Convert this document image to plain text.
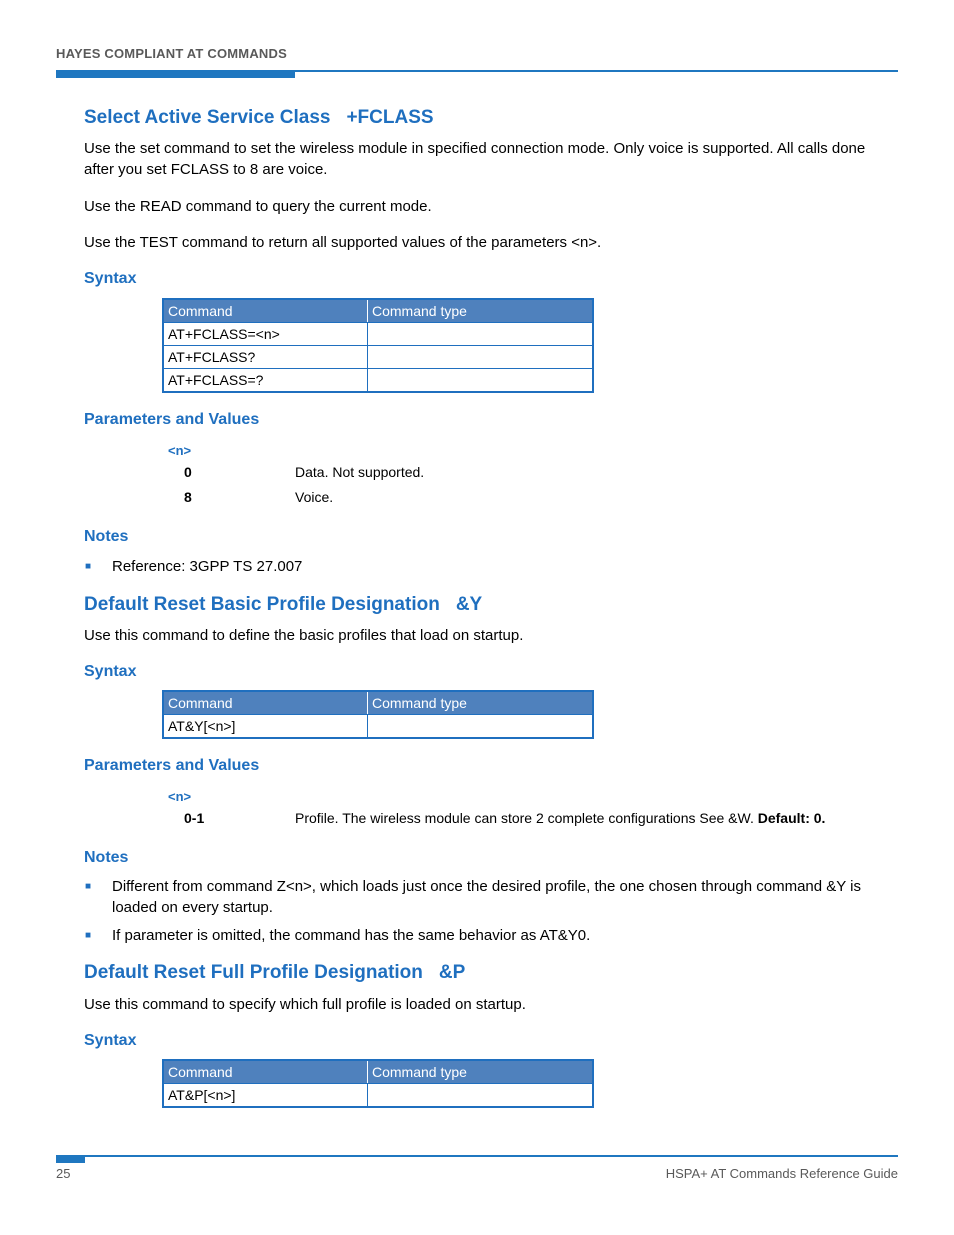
HAYES COMPLIANT AT COMMANDS
Select Active Service Class +FCLASS
Use the set command to set the wireless module in specified connection mode. Only voice is supported. All calls done after you set FCLASS to 8 are voice.
Use the READ command to query the current mode.
Use the TEST command to return all supported values of the parameters <n>.
Syntax
Command	Command type
AT+FCLASS=<n>	
AT+FCLASS?	
AT+FCLASS=?	
Parameters and Values
<n>
0	Data. Not supported.
8	Voice.
Notes
■ Reference: 3GPP TS 27.007
Default Reset Basic Profile Designation &Y
Use this command to define the basic profiles that load on startup.
Syntax
Command	Command type
AT&Y[<n>]	
Parameters and Values
<n>
0-1	Profile. The wireless module can store 2 complete configurations See &W. Default: 0.
Notes
■ Different from command Z<n>, which loads just once the desired profile, the one chosen through command &Y is loaded on every startup.
■ If parameter is omitted, the command has the same behavior as AT&Y0.
Default Reset Full Profile Designation &P
Use this command to specify which full profile is loaded on startup.
Syntax
Command	Command type
AT&P[<n>]	
25	HSPA+ AT Commands Reference Guide
